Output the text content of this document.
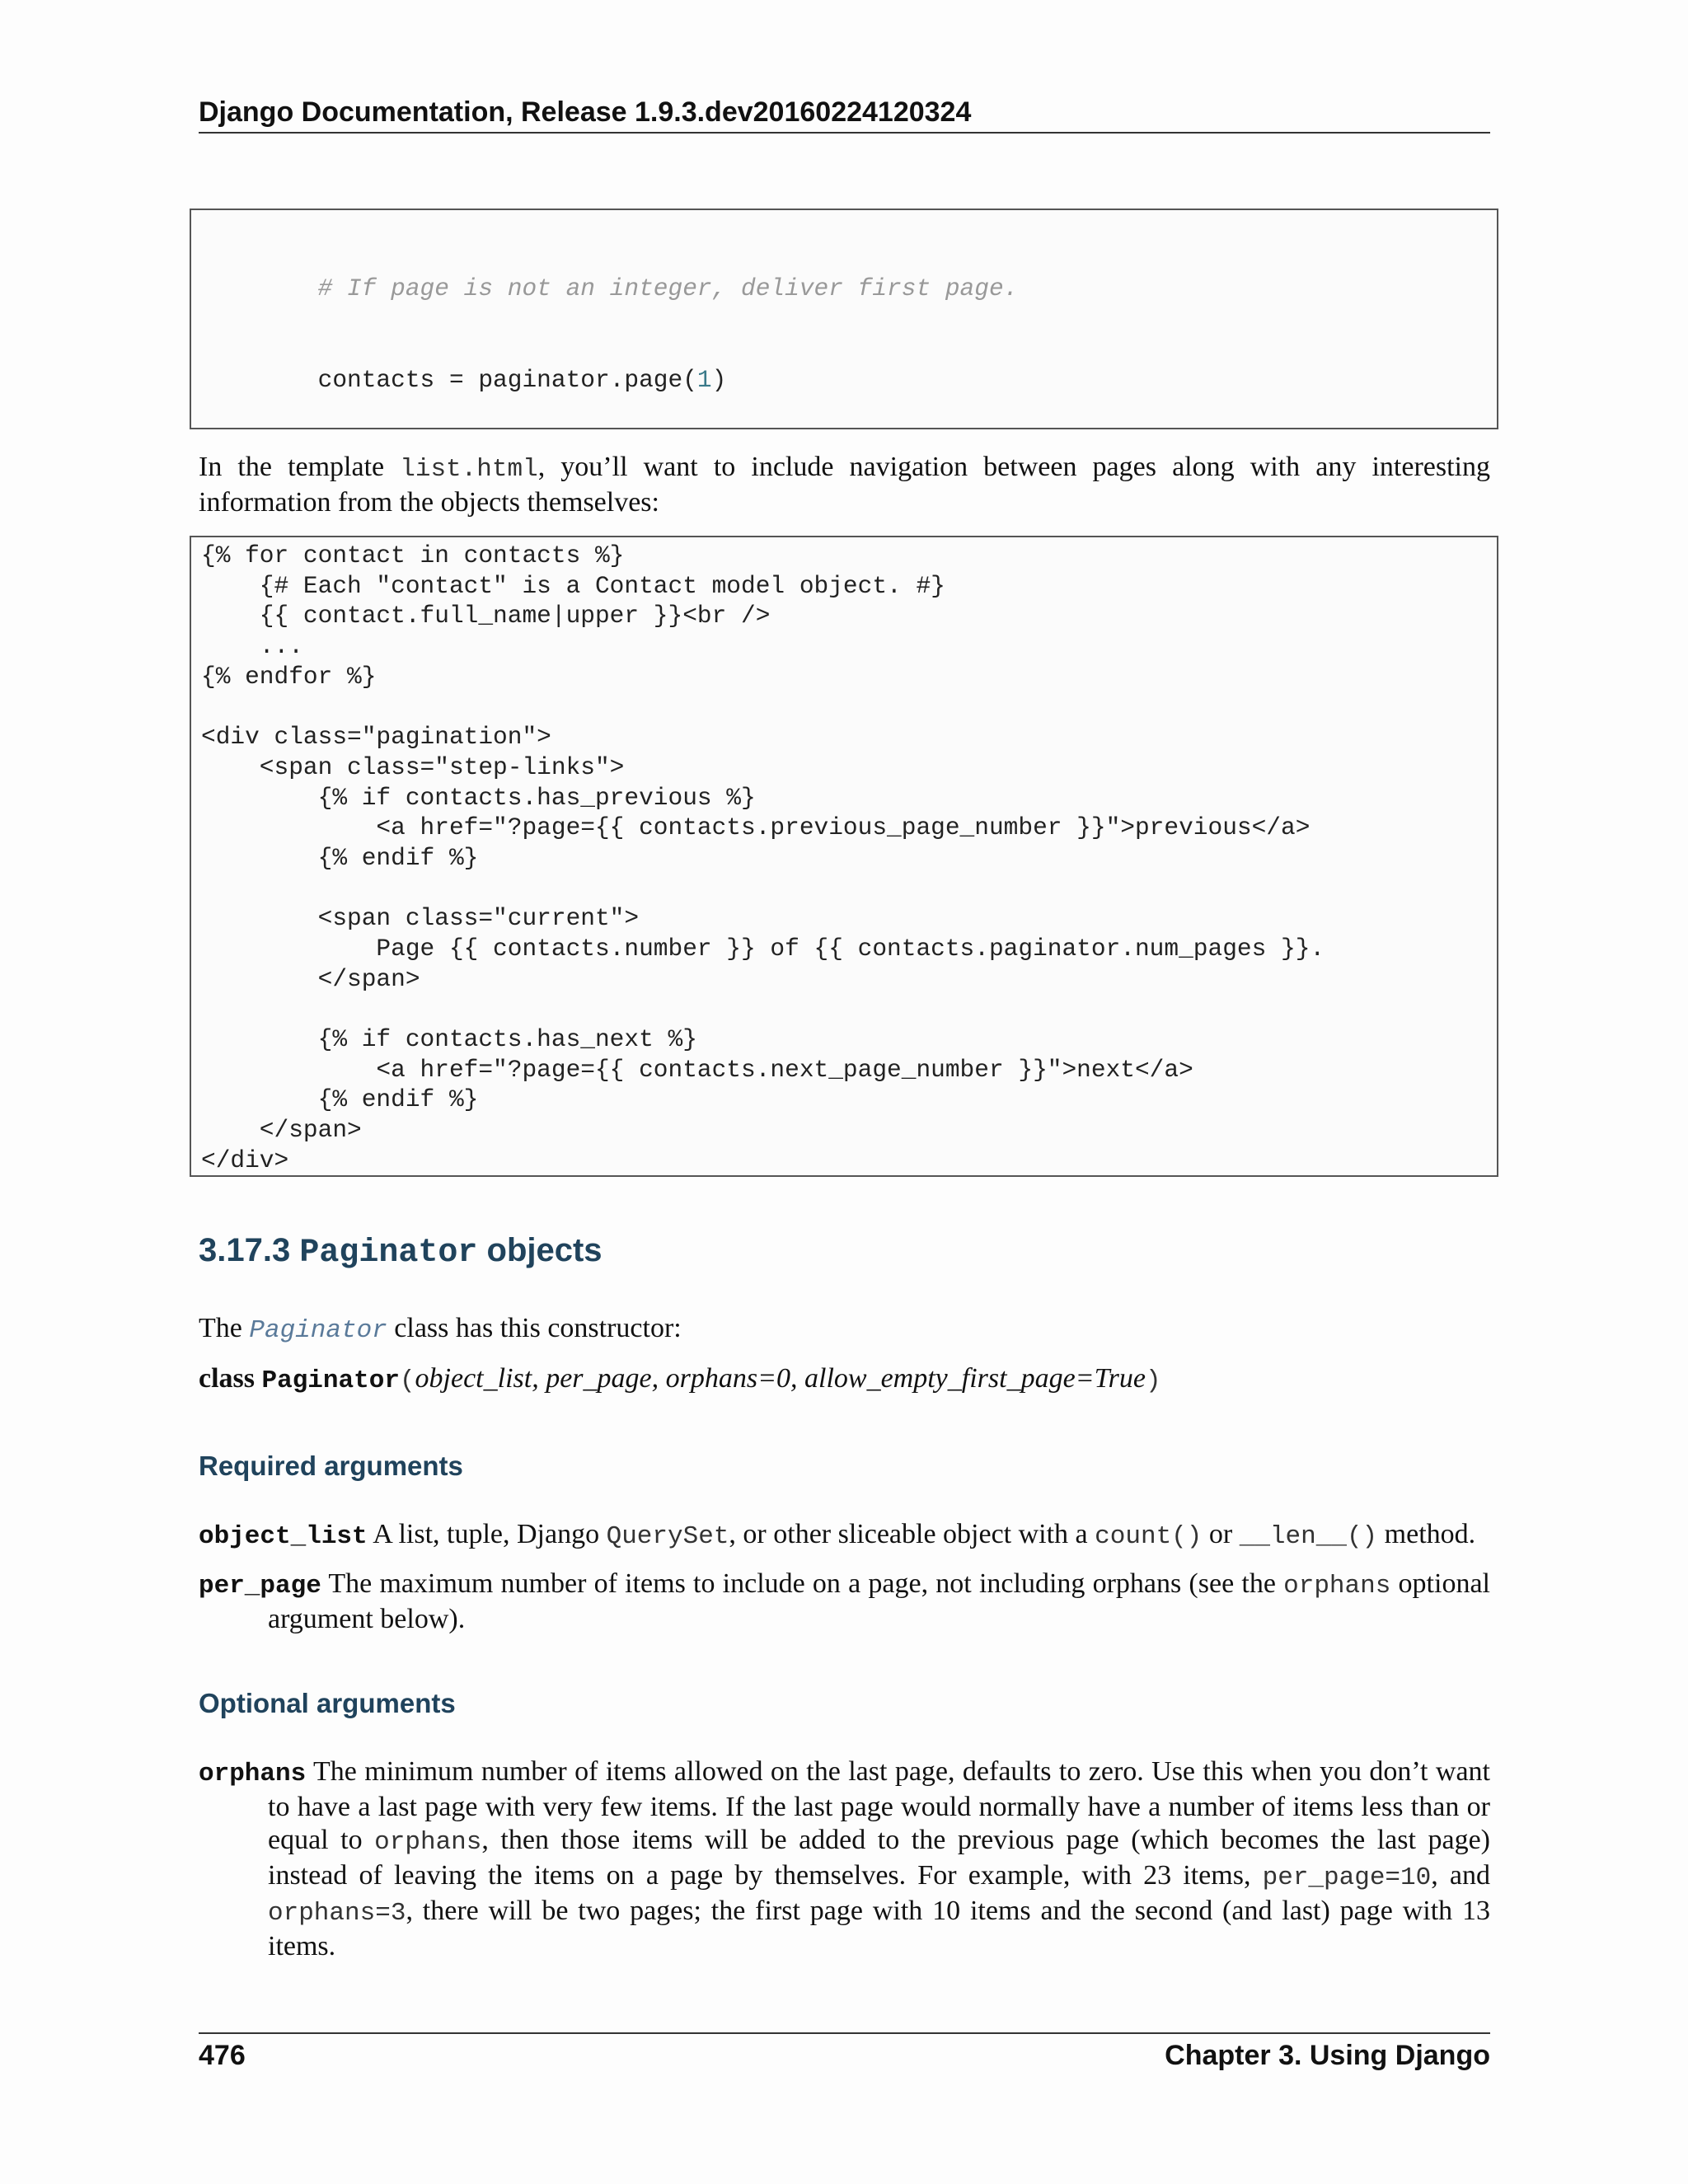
Django Documentation, Release 1.9.3.dev20160224120324

# If page is not an integer, deliver first page.

contacts = paginator.page(1)

In the template list.html, you’ll want to include navigation between pages along with any interesting information from the objects themselves:
{% for contact in contacts %}
{# Each "contact" is a Contact model object. #}
{{ contact.full_name|upper }}<br />
...
{% endfor %}
<div class="pagination">
<span class="step-links">
{% if contacts.has_previous %}
<a href="?page={{ contacts.previous_page_number }}">previous</a>
{% endif %}
<span class="current">
Page {{ contacts.number }} of {{ contacts.paginator.num_pages }}.
</span>
{% if contacts.has_next %}
<a href="?page={{ contacts.next_page_number }}">next</a>
{% endif %}
</span>
</div>
3.17.3 Paginator objects
The Paginator class has this constructor:
class Paginator(object_list, per_page, orphans=0, allow_empty_first_page=True)
Required arguments
object_list A list, tuple, Django QuerySet, or other sliceable object with a count() or __len__() method.
per_page The maximum number of items to include on a page, not including orphans (see the orphans optional argument below).
Optional arguments
orphans The minimum number of items allowed on the last page, defaults to zero. Use this when you don’t want to have a last page with very few items. If the last page would normally have a number of items less than or equal to orphans, then those items will be added to the previous page (which becomes the last page) instead of leaving the items on a page by themselves. For example, with 23 items, per_page=10, and orphans=3, there will be two pages; the first page with 10 items and the second (and last) page with 13 items.
476	Chapter 3. Using Django
